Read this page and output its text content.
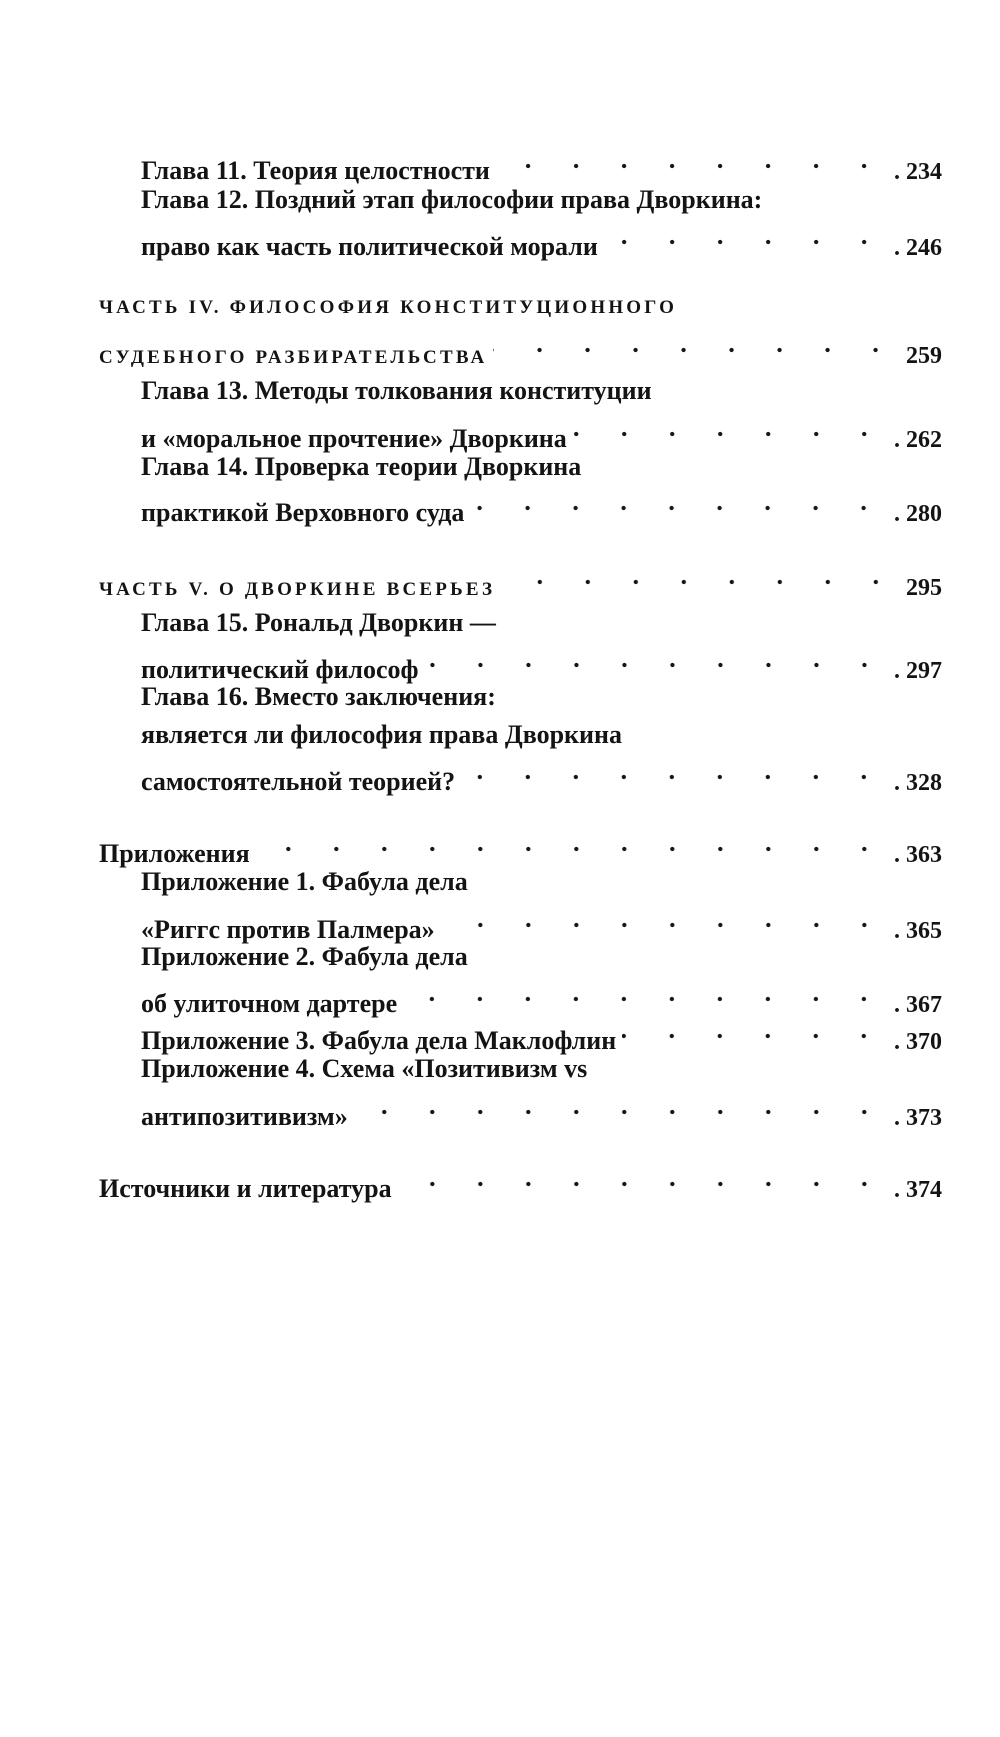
Глава 11. Теория целостности	. 234
Глава 12. Поздний этап философии права Дворкина:
право как часть политической морали	. 246
ЧАСТЬ IV. ФИЛОСОФИЯ КОНСТИТУЦИОННОГО
СУДЕБНОГО РАЗБИРАТЕЛЬСТВА	259
Глава 13. Методы толкования конституции
и «моральное прочтение» Дворкина	. 262
Глава 14. Проверка теории Дворкина
практикой Верховного суда	. 280
ЧАСТЬ V. О ДВОРКИНЕ ВСЕРЬЕЗ	295
Глава 15. Рональд Дворкин —
политический философ	. 297
Глава 16. Вместо заключения:
является ли философия права Дворкина
самостоятельной теорией?	. 328
Приложения	. 363
Приложение 1. Фабула дела
«Риггс против Палмера»	. 365
Приложение 2. Фабула дела
об улиточном дартере	. 367
Приложение 3. Фабула дела Маклофлин	. 370
Приложение 4. Схема «Позитивизм vs
антипозитивизм»	. 373
Источники и литература	. 374
